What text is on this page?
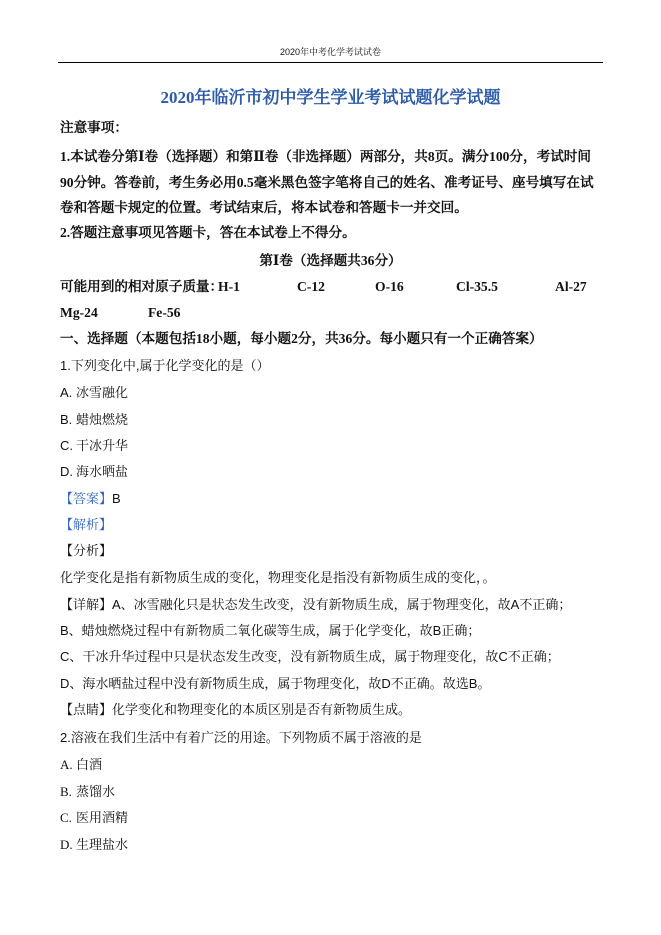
2020年中考化学考试试卷
2020年临沂市初中学生学业考试试题化学试题
注意事项：
1.本试卷分第Ⅰ卷（选择题）和第Ⅱ卷（非选择题）两部分，共8页。满分100分，考试时间
90分钟。答卷前，考生务必用0.5毫米黑色签字笔将自己的姓名、准考证号、座号填写在试
卷和答题卡规定的位置。考试结束后，将本试卷和答题卡一并交回。
2.答题注意事项见答题卡，答在本试卷上不得分。
第Ⅰ卷（选择题共36分）
可能用到的相对原子质量：
H-1	C-12	O-16	Cl-35.5	Al-27
Mg-24	Fe-56
一、选择题（本题包括18小题，每小题2分，共36分。每小题只有一个正确答案）
1.下列变化中,属于化学变化的是（）
A. 冰雪融化
B. 蜡烛燃烧
C. 干冰升华
D. 海水晒盐
【答案】B
【解析】
【分析】
化学变化是指有新物质生成的变化，物理变化是指没有新物质生成的变化，。
【详解】A、冰雪融化只是状态发生改变，没有新物质生成，属于物理变化，故A不正确；
B、蜡烛燃烧过程中有新物质二氧化碳等生成，属于化学变化，故B正确；
C、干冰升华过程中只是状态发生改变，没有新物质生成，属于物理变化，故C不正确；
D、海水晒盐过程中没有新物质生成，属于物理变化，故D不正确。故选B。
【点睛】化学变化和物理变化的本质区别是否有新物质生成。
2.溶液在我们生活中有着广泛的用途。下列物质不属于溶液的是
A. 白酒
B. 蒸馏水
C. 医用酒精
D. 生理盐水
